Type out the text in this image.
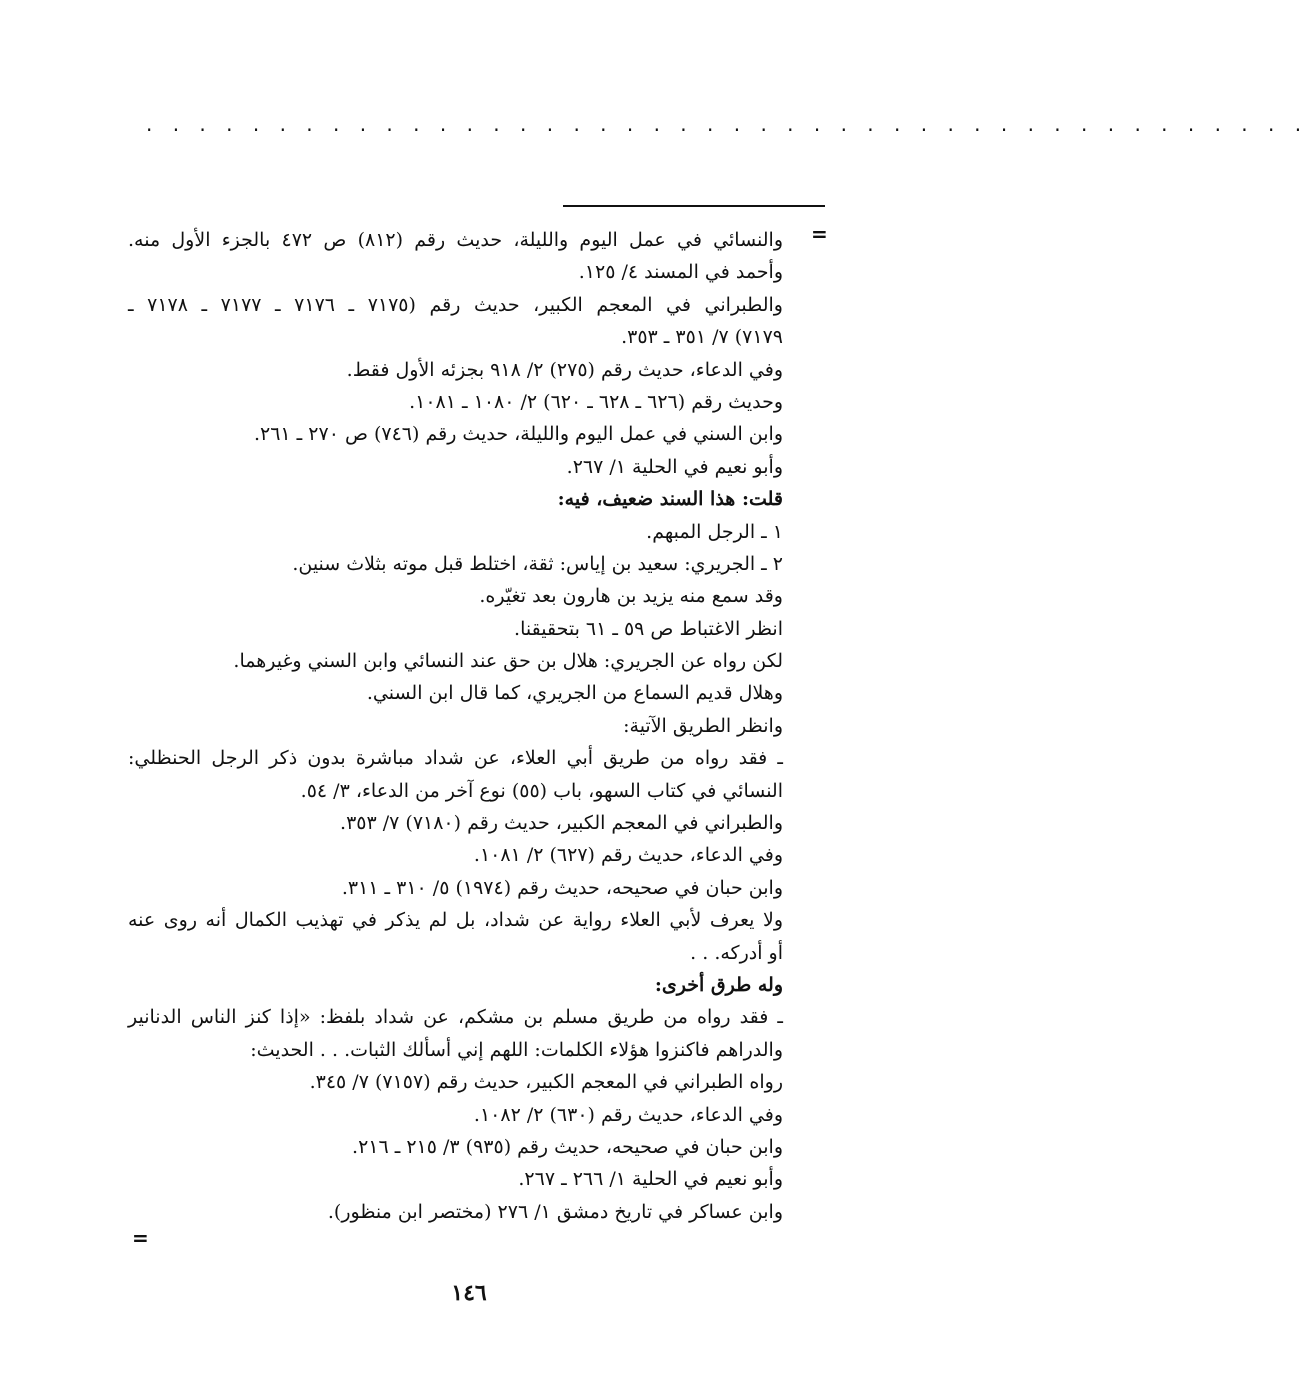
. . . . . . . . . . . . . . . . . . . . . . . . . . . . . . . . . . . . . . . . . . . .
=
والنسائي في عمل اليوم والليلة، حديث رقم (٨١٢) ص ٤٧٢ بالجزء الأول منه.
وأحمد في المسند ٤/ ١٢٥.
والطبراني في المعجم الكبير، حديث رقم (٧١٧٥ ـ ٧١٧٦ ـ ٧١٧٧ ـ ٧١٧٨ ـ
٧١٧٩) ٧/ ٣٥١ ـ ٣٥٣.
وفي الدعاء، حديث رقم (٢٧٥) ٢/ ٩١٨ بجزئه الأول فقط.
وحديث رقم (٦٢٦ ـ ٦٢٨ ـ ٦٢٠) ٢/ ١٠٨٠ ـ ١٠٨١.
وابن السني في عمل اليوم والليلة، حديث رقم (٧٤٦) ص ٢٧٠ ـ ٢٦١.
وأبو نعيم في الحلية ١/ ٢٦٧.
قلت: هذا السند ضعيف، فيه:
١ ـ الرجل المبهم.
٢ ـ الجريري: سعيد بن إياس: ثقة، اختلط قبل موته بثلاث سنين.
وقد سمع منه يزيد بن هارون بعد تغيّره.
انظر الاغتباط ص ٥٩ ـ ٦١ بتحقيقنا.
لكن رواه عن الجريري: هلال بن حق عند النسائي وابن السني وغيرهما.
وهلال قديم السماع من الجريري، كما قال ابن السني.
وانظر الطريق الآتية:
ـ فقد رواه من طريق أبي العلاء، عن شداد مباشرة بدون ذكر الرجل الحنظلي:
النسائي في كتاب السهو، باب (٥٥) نوع آخر من الدعاء، ٣/ ٥٤.
والطبراني في المعجم الكبير، حديث رقم (٧١٨٠) ٧/ ٣٥٣.
وفي الدعاء، حديث رقم (٦٢٧) ٢/ ١٠٨١.
وابن حبان في صحيحه، حديث رقم (١٩٧٤) ٥/ ٣١٠ ـ ٣١١.
ولا يعرف لأبي العلاء رواية عن شداد، بل لم يذكر في تهذيب الكمال أنه روى عنه
أو أدركه. . .
وله طرق أخرى:
ـ فقد رواه من طريق مسلم بن مشكم، عن شداد بلفظ: «إذا كنز الناس الدنانير
والدراهم فاكنزوا هؤلاء الكلمات: اللهم إني أسألك الثبات. . . الحديث:
رواه الطبراني في المعجم الكبير، حديث رقم (٧١٥٧) ٧/ ٣٤٥.
وفي الدعاء، حديث رقم (٦٣٠) ٢/ ١٠٨٢.
وابن حبان في صحيحه، حديث رقم (٩٣٥) ٣/ ٢١٥ ـ ٢١٦.
وأبو نعيم في الحلية ١/ ٢٦٦ ـ ٢٦٧.
وابن عساكر في تاريخ دمشق ١/ ٢٧٦ (مختصر ابن منظور).
=
١٤٦
